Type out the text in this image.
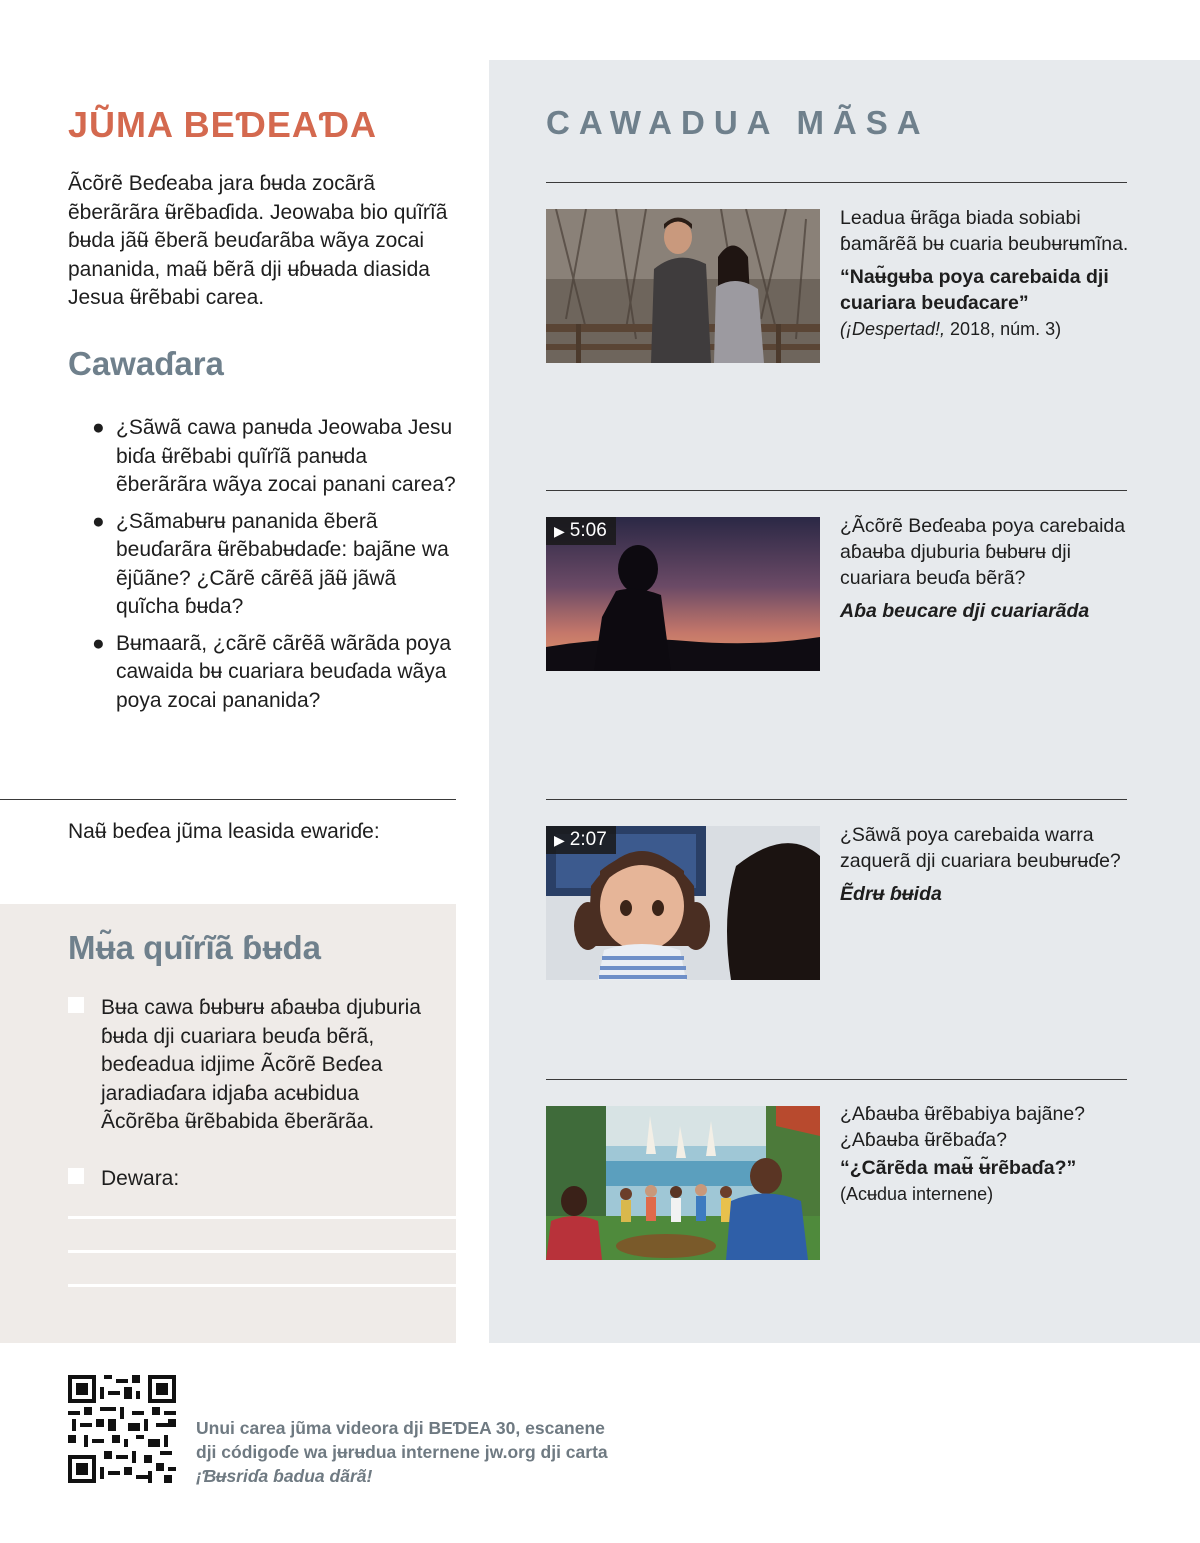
JŨMA BEƊEAƊA

Ãcõrẽ Beɗeaba jara ɓʉda zocãrã ẽberãrãra ʉ̃rẽbaɗida. Jeowaba bio quĩrĩã ɓʉda jãʉ̃ ẽberã beuɗarãba wãya zocai pananida, maʉ̃ bẽrã dji ʉɓʉada diasida Jesua ʉ̃rẽbabi carea.

Cawaɗara
● ¿Sãwã cawa panʉda Jeowaba Jesu biɗa ʉ̃rẽbabi quĩrĩã panʉda ẽberãrãra wãya zocai panani carea?
● ¿Sãmabʉrʉ pananida ẽberã beuɗarãra ʉ̃rẽbabʉdaɗe: bajãne wa ẽjũãne? ¿Cãrẽ cãrẽã jãʉ̃ jãwã quĩcha ɓʉda?
● Bʉmaarã, ¿cãrẽ cãrẽã wãrãda poya cawaida bʉ cuariara beuɗada wãya poya zocai pananida?

Naʉ̃ beɗea jũma leasida ewariɗe:

Mʉ̃a quĩrĩã ɓʉda
Bʉa cawa ɓʉbʉrʉ aɓaʉba djuburia ɓʉda dji cuariara beuɗa bẽrã, beɗeadua idjime Ãcõrẽ Beɗea jaradiaɗara idjaɓa acʉbidua Ãcõrẽba ʉ̃rẽbabida ẽberãrãa.
Dewara:
CAWADUA MÃSA

Leadua ʉ̃rãga biada sobiabi ɓamãrẽã bʉ cuaria beubʉrʉmĩna.

“Naʉ̃gʉba poya carebaida dji cuariara beuɗacare”

(¡Despertad!, 2018, núm. 3)

▶ 5:06	¿Ãcõrẽ Beɗeaba poya carebaida aɓaʉba djuburia ɓʉbʉrʉ dji cuariara beuɗa bẽrã?

Aɓa beucare dji cuariarãda

▶ 2:07	¿Sãwã poya carebaida warra zaquerã dji cuariara beubʉrʉɗe?

Ẽdrʉ ɓʉida

¿Aɓaʉba ʉ̃rẽbabiya bajãne? ¿Aɓaʉba ʉ̃rẽbaɗ́a?

“¿Cãrẽda maʉ̃ ʉ̃rẽbaɗa?”

(Acʉdua internene)

Unui carea jũma videora dji BEƊEA 30, escanene

dji códigoɗe wa jʉrʉdua internene jw.org dji carta

¡Ɓʉsriɗa ɓadua dãrã!
